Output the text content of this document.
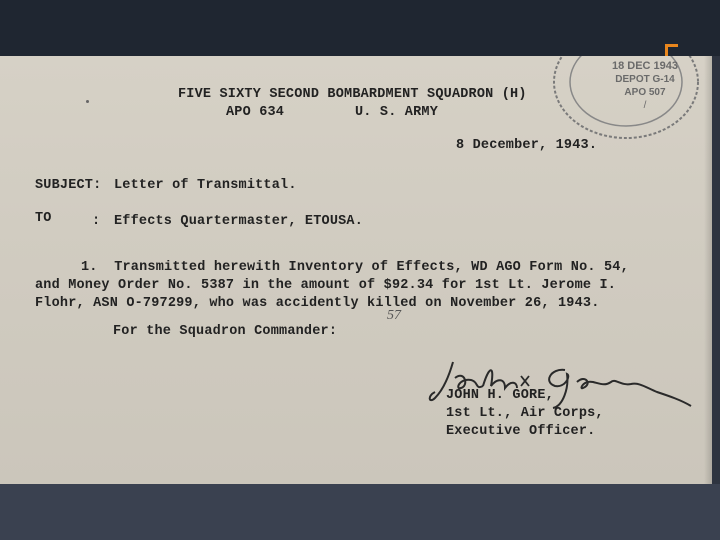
18 DEC 1943
DEPOT G-14
APO 507
/
FIVE SIXTY SECOND BOMBARDMENT SQUADRON (H)
APO 634	U. S. ARMY
8 December, 1943.
SUBJECT: Letter of Transmittal.
TO	: Effects Quartermaster, ETOUSA.
1.  Transmitted herewith Inventory of Effects, WD AGO Form No. 54,
and Money Order No. 5387 in the amount of $92.34 for 1st Lt. Jerome I.
Flohr, ASN O-797299, who was accidently killed on November 26, 1943.
57
For the Squadron Commander:
JOHN H. GORE,
1st Lt., Air Corps,
Executive Officer.
